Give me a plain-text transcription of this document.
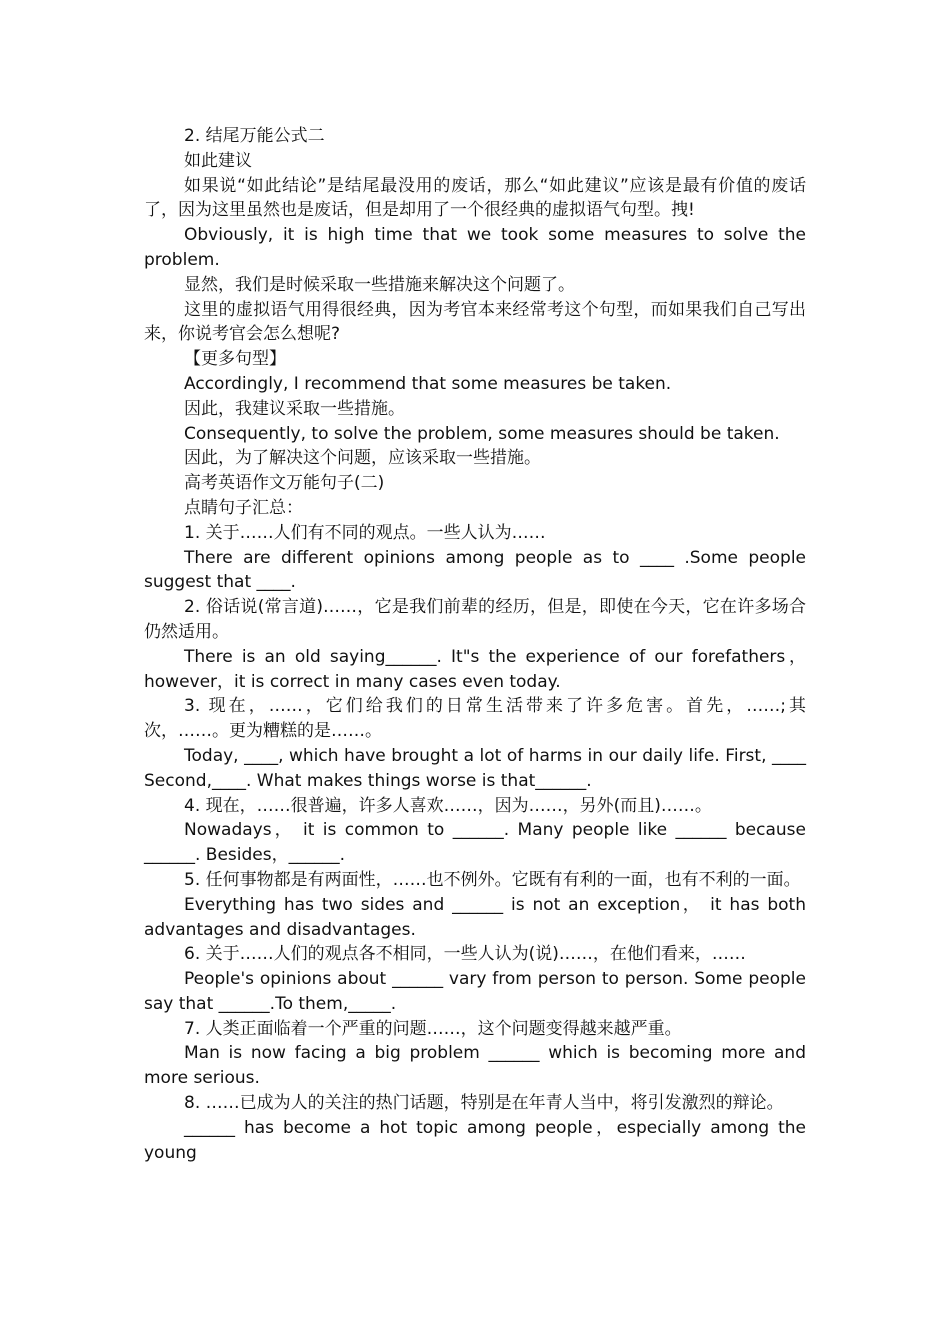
2. 结尾万能公式二

如此建议

如果说“如此结论”是结尾最没用的废话，那么“如此建议”应该是最有价值的废话了，因为这里虽然也是废话，但是却用了一个很经典的虚拟语气句型。拽!

Obviously, it is high time that we took some measures to solve the problem.

显然，我们是时候采取一些措施来解决这个问题了。

这里的虚拟语气用得很经典，因为考官本来经常考这个句型，而如果我们自己写出来，你说考官会怎么想呢?

【更多句型】

Accordingly, I recommend that some measures be taken.

因此，我建议采取一些措施。

Consequently, to solve the problem, some measures should be taken.

因此，为了解决这个问题，应该采取一些措施。

高考英语作文万能句子(二)

点睛句子汇总：

1. 关于……人们有不同的观点。一些人认为……

There are different opinions among people as to ____ .Some people suggest that ____.

2. 俗话说(常言道)……，它是我们前辈的经历，但是，即使在今天，它在许多场合仍然适用。

There is an old saying______. It"s the experience of our forefathers，however，it is correct in many cases even today.

3. 现在，……，它们给我们的日常生活带来了许多危害。首先，……;其次，……。更为糟糕的是……。

Today, ____, which have brought a lot of harms in our daily life. First, ____ Second,____. What makes things worse is that______.

4. 现在，……很普遍，许多人喜欢……，因为……，另外(而且)……。

Nowadays， it is common to ______. Many people like ______ because ______. Besides，______.

5. 任何事物都是有两面性，……也不例外。它既有有利的一面，也有不利的一面。

Everything has two sides and ______ is not an exception， it has both advantages and disadvantages.

6. 关于……人们的观点各不相同，一些人认为(说)……，在他们看来，……

People's opinions about ______ vary from person to person. Some people say that ______.To them,_____.

7. 人类正面临着一个严重的问题……，这个问题变得越来越严重。

Man is now facing a big problem ______ which is becoming more and more serious.

8. ……已成为人的关注的热门话题，特别是在年青人当中，将引发激烈的辩论。

______ has become a hot topic among people，especially among the young
